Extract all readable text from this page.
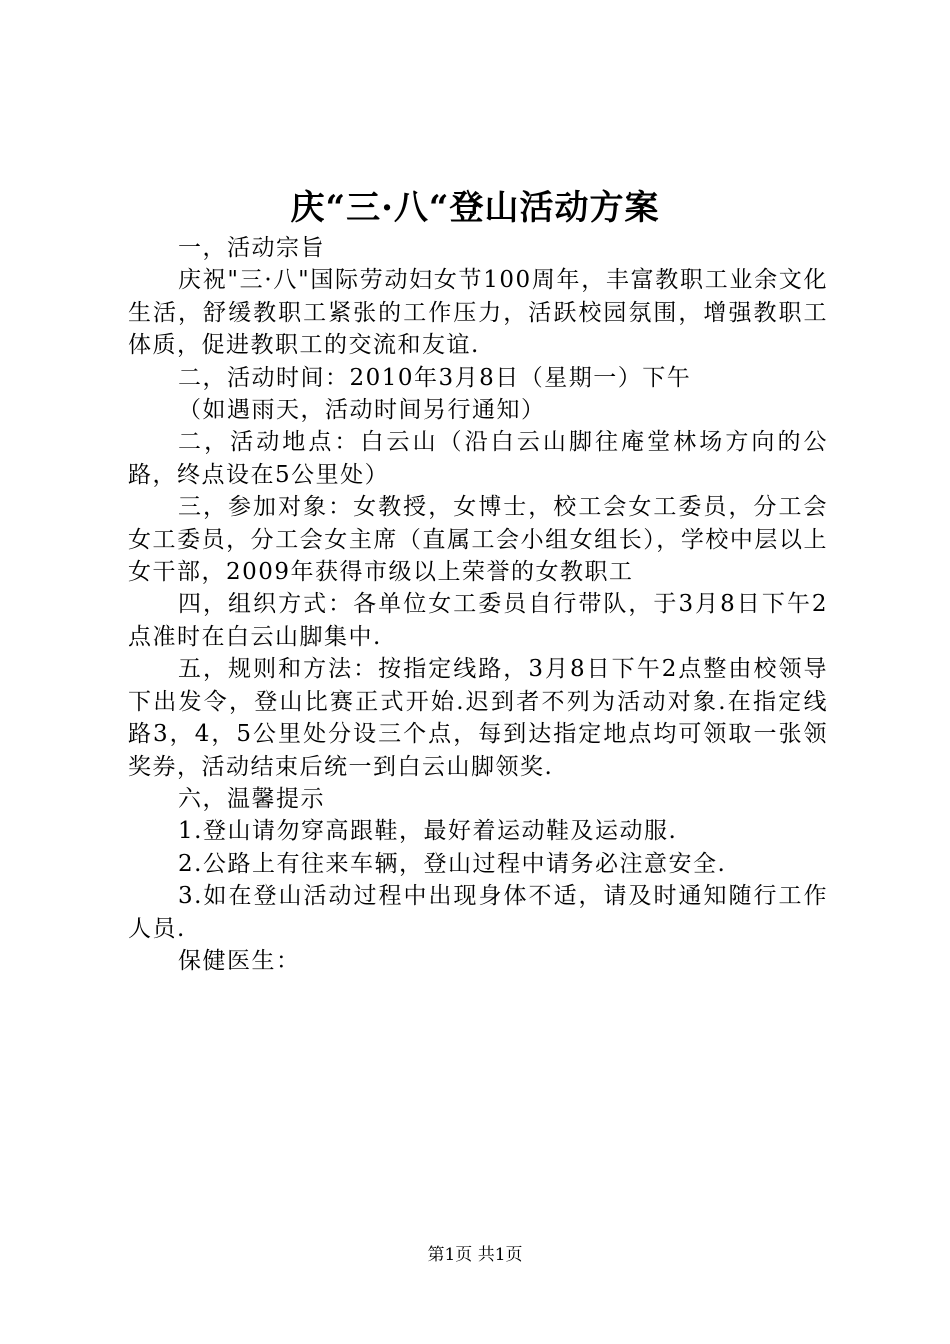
庆“三·八“登山活动方案

一，活动宗旨

庆祝"三·八"国际劳动妇女节100周年，丰富教职工业余文化生活，舒缓教职工紧张的工作压力，活跃校园氛围，增强教职工体质，促进教职工的交流和友谊.

二，活动时间：2010年3月8日（星期一）下午

（如遇雨天，活动时间另行通知）

二，活动地点：白云山（沿白云山脚往庵堂林场方向的公路，终点设在5公里处）

三，参加对象：女教授，女博士，校工会女工委员，分工会女工委员，分工会女主席（直属工会小组女组长），学校中层以上女干部，2009年获得市级以上荣誉的女教职工

四，组织方式：各单位女工委员自行带队，于3月8日下午2点准时在白云山脚集中.

五，规则和方法：按指定线路，3月8日下午2点整由校领导下出发令，登山比赛正式开始.迟到者不列为活动对象.在指定线路3，4，5公里处分设三个点，每到达指定地点均可领取一张领奖券，活动结束后统一到白云山脚领奖.

六，温馨提示

1.登山请勿穿高跟鞋，最好着运动鞋及运动服.

2.公路上有往来车辆，登山过程中请务必注意安全.

3.如在登山活动过程中出现身体不适，请及时通知随行工作人员.

保健医生：

第1页 共1页
